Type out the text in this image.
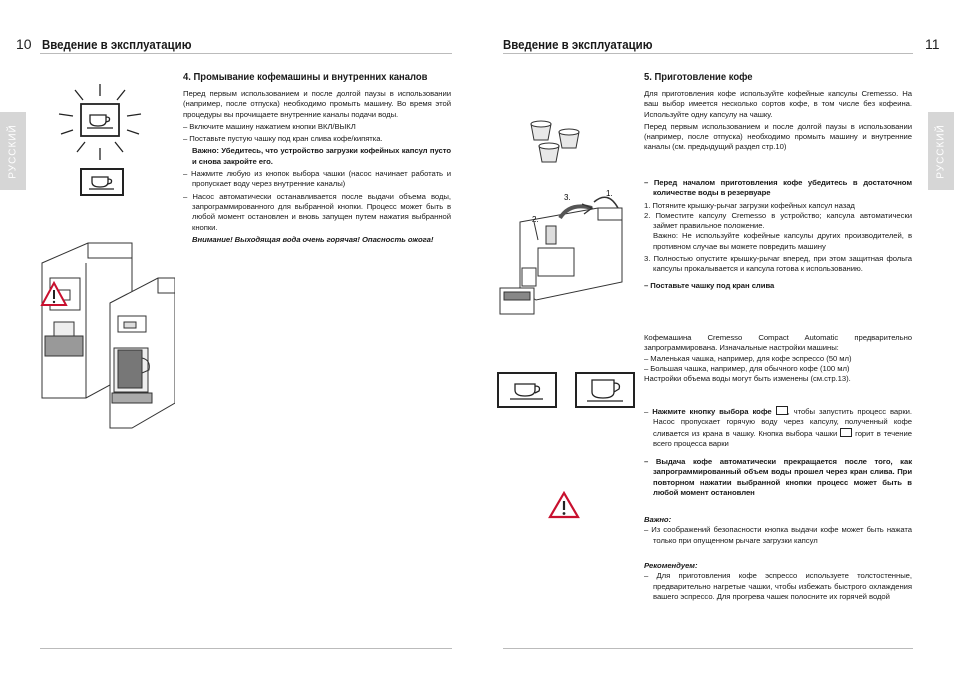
10 Введение в эксплуатацию
РУССКИЙ
4. Промывание кофемашины и внутренних каналов

Перед первым использованием и после долгой паузы в использовании (например, после отпуска) необходимо промыть машину. Во время этой процедуры вы прочищаете внутренние каналы подачи воды.

– Включите машину нажатием кнопки ВКЛ/ВЫКЛ

– Поставьте пустую чашку под кран слива кофе/кипятка.

Важно: Убедитесь, что устройство загрузки кофейных капсул пусто и снова закройте его.

– Нажмите любую из кнопок выбора чашки (насос начинает работать и пропускает воду через внутренние каналы)

– Насос автоматически останавливается после выдачи объема воды, запрограммированного для выбранной кнопки. Процесс может быть в любой момент остановлен и вновь запущен путем нажатия выбранной кнопки.

Внимание! Выходящая вода очень горячая! Опасность ожога!

Введение в эксплуатацию	11
РУССКИЙ
2.
3.	1.
5. Приготовление кофе

Для приготовления кофе используйте кофейные капсулы Cremesso. На ваш выбор имеется несколько сортов кофе, в том числе без кофеина. Используйте одну капсулу на чашку.

Перед первым использованием и после долгой паузы в использовании (например, после отпуска) необходимо промыть машину и внутренние каналы (см. предыдущий раздел стр.10)

– Перед началом приготовления кофе убедитесь в достаточном количестве воды в резервуаре

1. Потяните крышку-рычаг загрузки кофейных капсул назад

2. Поместите капсулу Cremesso в устройство; капсула автоматически займет правильное положение.

Важно: Не используйте кофейные капсулы других производителей, в противном случае вы можете повредить машину

3. Полностью опустите крышку-рычаг вперед, при этом защитная фольга капсулы прокалывается и капсула готова к использованию.

– Поставьте чашку под кран слива

Кофемашина Cremesso Compact Automatic предварительно запрограммирована. Изначальные настройки машины:

– Маленькая чашка, например, для кофе эспрессо (50 мл)

– Большая чашка, например, для обычного кофе (100 мл)

Настройки объема воды могут быть изменены (см.стр.13).

– Нажмите кнопку выбора кофе , чтобы запустить процесс варки. Насос пропускает горячую воду через капсулу, полученный кофе сливается из крана в чашку. Кнопка выбора чашки горит в течение всего процесса варки

– Выдача кофе автоматически прекращается после того, как запрограммированный объем воды прошел через кран слива. При повторном нажатии выбранной кнопки процесс может быть в любой момент остановлен

Важно:

– Из соображений безопасности кнопка выдачи кофе может быть нажата только при опущенном рычаге загрузки капсул

Рекомендуем:

– Для приготовления кофе эспрессо используете толстостенные, предварительно нагретые чашки, чтобы избежать быстрого охлаждения вашего эспрессо. Для прогрева чашек полосните их горячей водой
